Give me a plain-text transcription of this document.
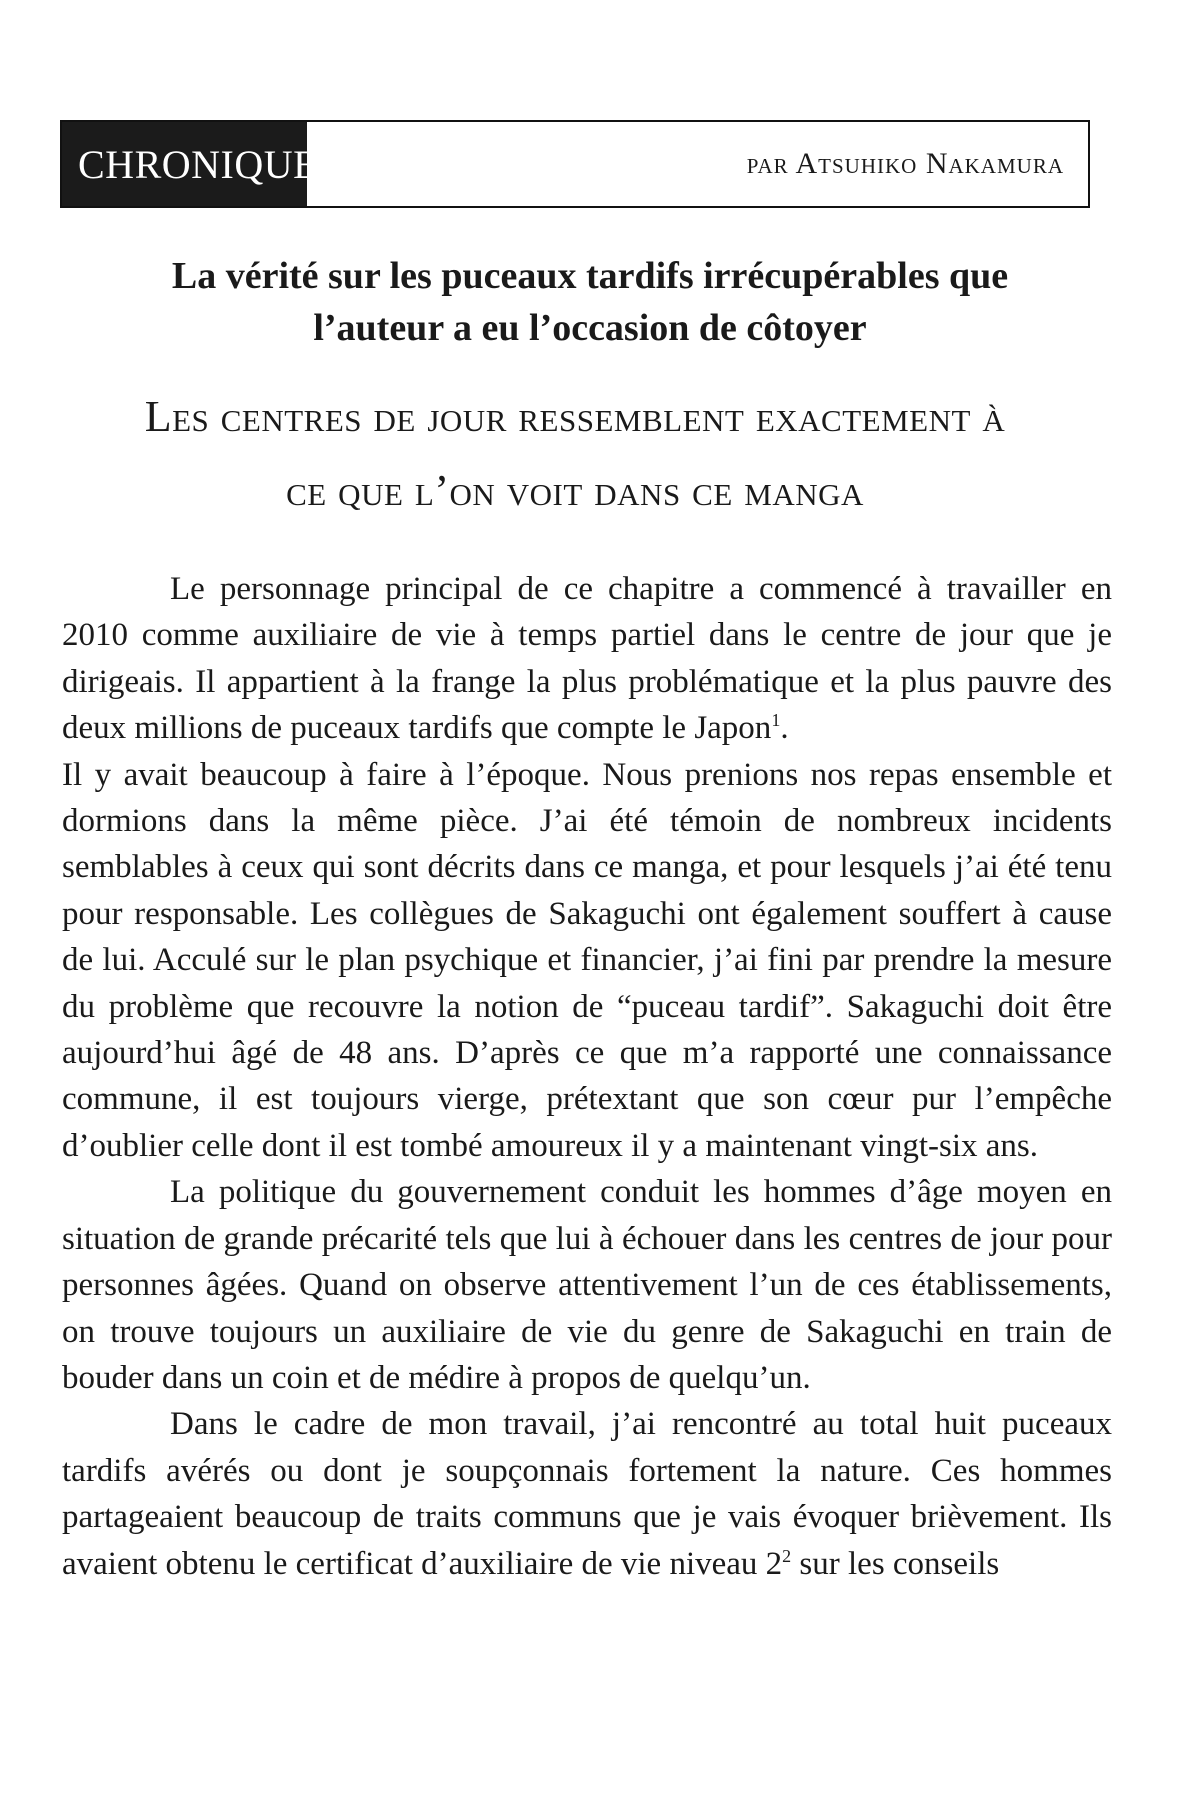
CHRONIQUE	par Atsuhiko Nakamura
La vérité sur les puceaux tardifs irrécupérables que
l’auteur a eu l’occasion de côtoyer
Les centres de jour ressemblent exactement à
ce que l’on voit dans ce manga

Le personnage principal de ce chapitre a commencé à travailler en 2010 comme auxiliaire de vie à temps partiel dans le centre de jour que je dirigeais. Il appartient à la frange la plus problématique et la plus pauvre des deux millions de puceaux tardifs que compte le Japon$^1$.

Il y avait beaucoup à faire à l’époque. Nous prenions nos repas ensemble et dormions dans la même pièce. J’ai été témoin de nombreux incidents semblables à ceux qui sont décrits dans ce manga, et pour lesquels j’ai été tenu pour responsable. Les collègues de Sakaguchi ont également souffert à cause de lui. Acculé sur le plan psychique et financier, j’ai fini par prendre la mesure du problème que recouvre la notion de “puceau tardif”. Sakaguchi doit être aujourd’hui âgé de 48 ans. D’après ce que m’a rapporté une connaissance commune, il est toujours vierge, prétextant que son cœur pur l’empêche d’oublier celle dont il est tombé amoureux il y a maintenant vingt-six ans.

La politique du gouvernement conduit les hommes d’âge moyen en situation de grande précarité tels que lui à échouer dans les centres de jour pour personnes âgées. Quand on observe attentivement l’un de ces établissements, on trouve toujours un auxiliaire de vie du genre de Sakaguchi en train de bouder dans un coin et de médire à propos de quelqu’un.

Dans le cadre de mon travail, j’ai rencontré au total huit puceaux tardifs avérés ou dont je soupçonnais fortement la nature. Ces hommes partageaient beaucoup de traits communs que je vais évoquer brièvement. Ils avaient obtenu le certificat d’auxiliaire de vie niveau $2^2$ sur les conseils
